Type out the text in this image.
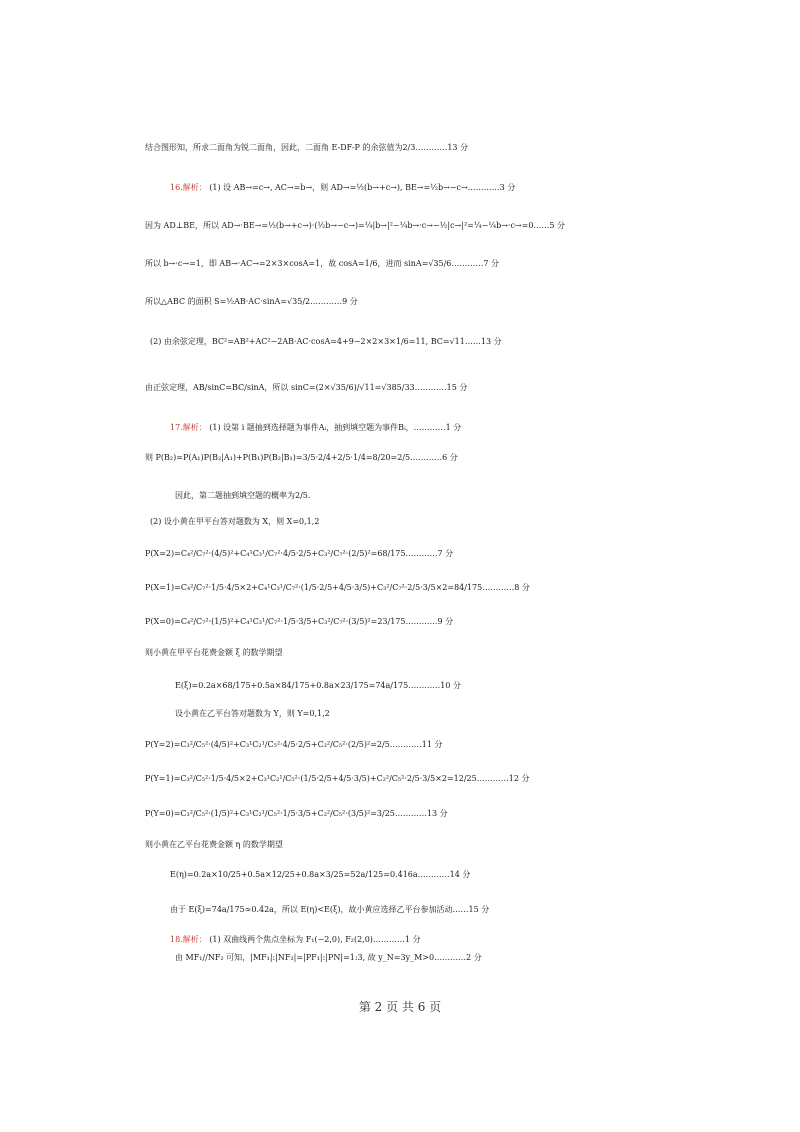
结合图形知，所求二面角为锐二面角，因此，二面角 E-DF-P 的余弦值为2/3…………13 分
16.解析： (1) 设 AB→=c→, AC→=b→，则 AD→=½(b→+c→), BE→=½b→−c→…………3 分
因为 AD⊥BE，所以 AD→·BE→=½(b→+c→)·(½b→−c→)=¼|b→|²−¼b→·c→−½|c→|²=¼−¼b→·c→=0……5 分
所以 b→·c→=1，即 AB→·AC→=2×3×cosA=1，故 cosA=1/6，进而 sinA=√35/6…………7 分
所以△ABC 的面积 S=½AB·AC·sinA=√35/2…………9 分
(2) 由余弦定理，BC²=AB²+AC²−2AB·AC·cosA=4+9−2×2×3×1/6=11, BC=√11……13 分
由正弦定理，AB/sinC=BC/sinA，所以 sinC=(2×√35/6)/√11=√385/33…………15 分
17.解析： (1) 设第 i 题抽到选择题为事件Aᵢ，抽到填空题为事件Bᵢ，…………1 分
则 P(B₂)=P(A₁)P(B₂|A₁)+P(B₁)P(B₂|B₁)=3/5·2/4+2/5·1/4=8/20=2/5…………6 分
因此，第二题抽到填空题的概率为2/5.
(2) 设小黄在甲平台答对题数为 X，则 X=0,1,2
P(X=2)=C₄²/C₇²·(4/5)²+C₄¹C₃¹/C₇²·4/5·2/5+C₃²/C₇²·(2/5)²=68/175…………7 分
P(X=1)=C₄²/C₇²·1/5·4/5×2+C₄¹C₃¹/C₇²·(1/5·2/5+4/5·3/5)+C₃²/C₇²·2/5·3/5×2=84/175…………8 分
P(X=0)=C₄²/C₇²·(1/5)²+C₄¹C₃¹/C₇²·1/5·3/5+C₃²/C₇²·(3/5)²=23/175…………9 分
则小黄在甲平台花费金额 ξ 的数学期望
E(ξ)=0.2a×68/175+0.5a×84/175+0.8a×23/175=74a/175…………10 分
设小黄在乙平台答对题数为 Y，则 Y=0,1,2
P(Y=2)=C₃²/C₅²·(4/5)²+C₃¹C₂¹/C₅²·4/5·2/5+C₂²/C₅²·(2/5)²=2/5…………11 分
P(Y=1)=C₃²/C₅²·1/5·4/5×2+C₃¹C₂¹/C₅²·(1/5·2/5+4/5·3/5)+C₂²/C₅²·2/5·3/5×2=12/25…………12 分
P(Y=0)=C₃²/C₅²·(1/5)²+C₃¹C₂¹/C₅²·1/5·3/5+C₂²/C₅²·(3/5)²=3/25…………13 分
则小黄在乙平台花费金额 η 的数学期望
E(η)=0.2a×10/25+0.5a×12/25+0.8a×3/25=52a/125=0.416a…………14 分
由于 E(ξ)=74a/175≈0.42a，所以 E(η)<E(ξ)，故小黄应选择乙平台参加活动……15 分
18.解析： (1) 双曲线两个焦点坐标为 F₁(−2,0), F₂(2,0)…………1 分
由 MF₁//NF₂ 可知，|MF₁|:|NF₂|=|PF₁|:|PN|=1:3, 故 y_N=3y_M>0…………2 分
第 2 页 共 6 页
